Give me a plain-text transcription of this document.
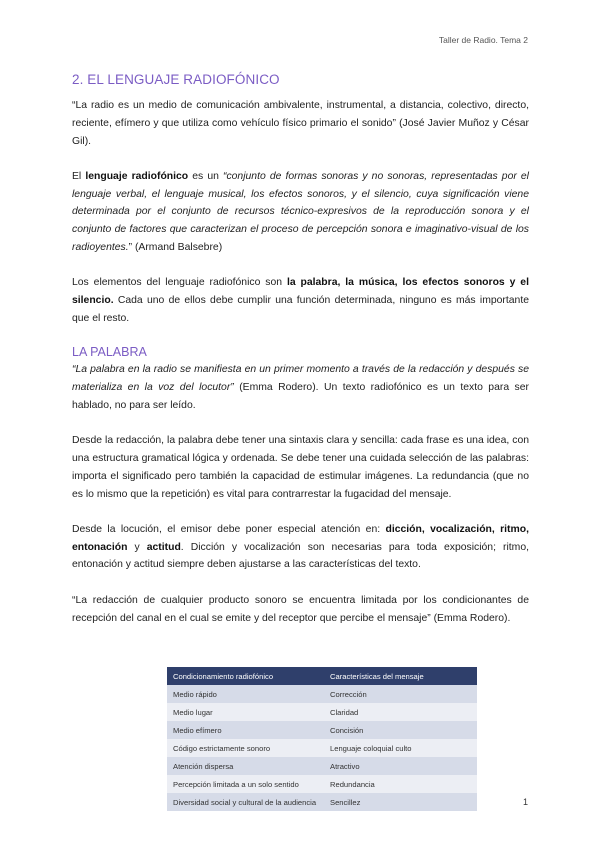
Taller de Radio. Tema 2
2. EL LENGUAJE RADIOFÓNICO

“La radio es un medio de comunicación ambivalente, instrumental, a distancia, colectivo, directo, reciente, efímero y que utiliza como vehículo físico primario el sonido” (José Javier Muñoz y César Gil).

El lenguaje radiofónico es un “conjunto de formas sonoras y no sonoras, representadas por el lenguaje verbal, el lenguaje musical, los efectos sonoros, y el silencio, cuya significación viene determinada por el conjunto de recursos técnico-expresivos de la reproducción sonora y el conjunto de factores que caracterizan el proceso de percepción sonora e imaginativo-visual de los radioyentes.” (Armand Balsebre)

Los elementos del lenguaje radiofónico son la palabra, la música, los efectos sonoros y el silencio. Cada uno de ellos debe cumplir una función determinada, ninguno es más importante que el resto.

LA PALABRA

“La palabra en la radio se manifiesta en un primer momento a través de la redacción y después se materializa en la voz del locutor” (Emma Rodero). Un texto radiofónico es un texto para ser hablado, no para ser leído.

Desde la redacción, la palabra debe tener una sintaxis clara y sencilla: cada frase es una idea, con una estructura gramatical lógica y ordenada. Se debe tener una cuidada selección de las palabras: importa el significado pero también la capacidad de estimular imágenes. La redundancia (que no es lo mismo que la repetición) es vital para contrarrestar la fugacidad del mensaje.

Desde la locución, el emisor debe poner especial atención en: dicción, vocalización, ritmo, entonación y actitud. Dicción y vocalización son necesarias para toda exposición; ritmo, entonación y actitud siempre deben ajustarse a las características del texto.

“La redacción de cualquier producto sonoro se encuentra limitada por los condicionantes de recepción del canal en el cual se emite y del receptor que percibe el mensaje” (Emma Rodero).

Condicionamiento radiofónico	Características del mensaje
Medio rápido	Corrección
Medio lugar	Claridad
Medio efímero	Concisión
Código estrictamente sonoro	Lenguaje coloquial culto
Atención dispersa	Atractivo
Percepción limitada a un solo sentido	Redundancia
Diversidad social y cultural de la audiencia	Sencillez	1
